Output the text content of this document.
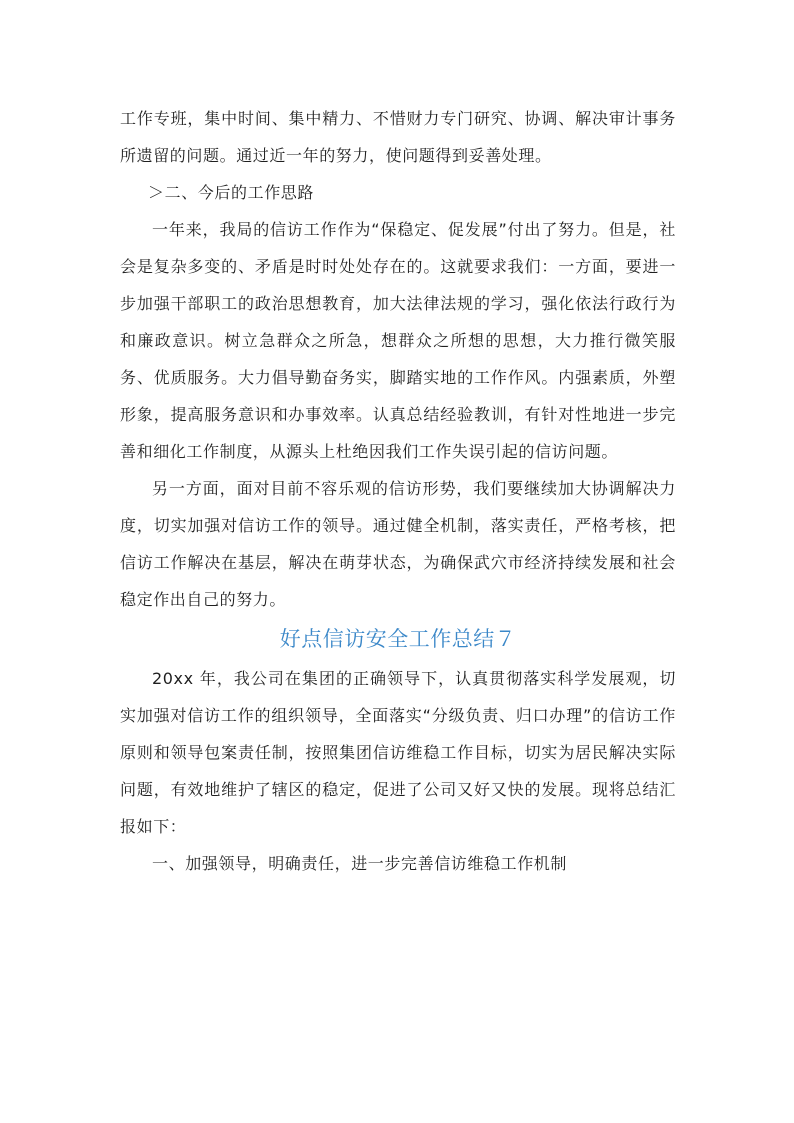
工作专班，集中时间、集中精力、不惜财力专门研究、协调、解决审计事务所遗留的问题。通过近一年的努力，使问题得到妥善处理。

＞二、今后的工作思路

一年来，我局的信访工作作为“保稳定、促发展”付出了努力。但是，社会是复杂多变的、矛盾是时时处处存在的。这就要求我们：一方面，要进一步加强干部职工的政治思想教育，加大法律法规的学习，强化依法行政行为和廉政意识。树立急群众之所急，想群众之所想的思想，大力推行微笑服务、优质服务。大力倡导勤奋务实，脚踏实地的工作作风。内强素质，外塑形象，提高服务意识和办事效率。认真总结经验教训，有针对性地进一步完善和细化工作制度，从源头上杜绝因我们工作失误引起的信访问题。

另一方面，面对目前不容乐观的信访形势，我们要继续加大协调解决力度，切实加强对信访工作的领导。通过健全机制，落实责任，严格考核，把信访工作解决在基层，解决在萌芽状态，为确保武穴市经济持续发展和社会稳定作出自己的努力。

好点信访安全工作总结７

20xx 年，我公司在集团的正确领导下，认真贯彻落实科学发展观，切实加强对信访工作的组织领导，全面落实“分级负责、归口办理”的信访工作原则和领导包案责任制，按照集团信访维稳工作目标，切实为居民解决实际问题，有效地维护了辖区的稳定，促进了公司又好又快的发展。现将总结汇报如下：

一、加强领导，明确责任，进一步完善信访维稳工作机制
